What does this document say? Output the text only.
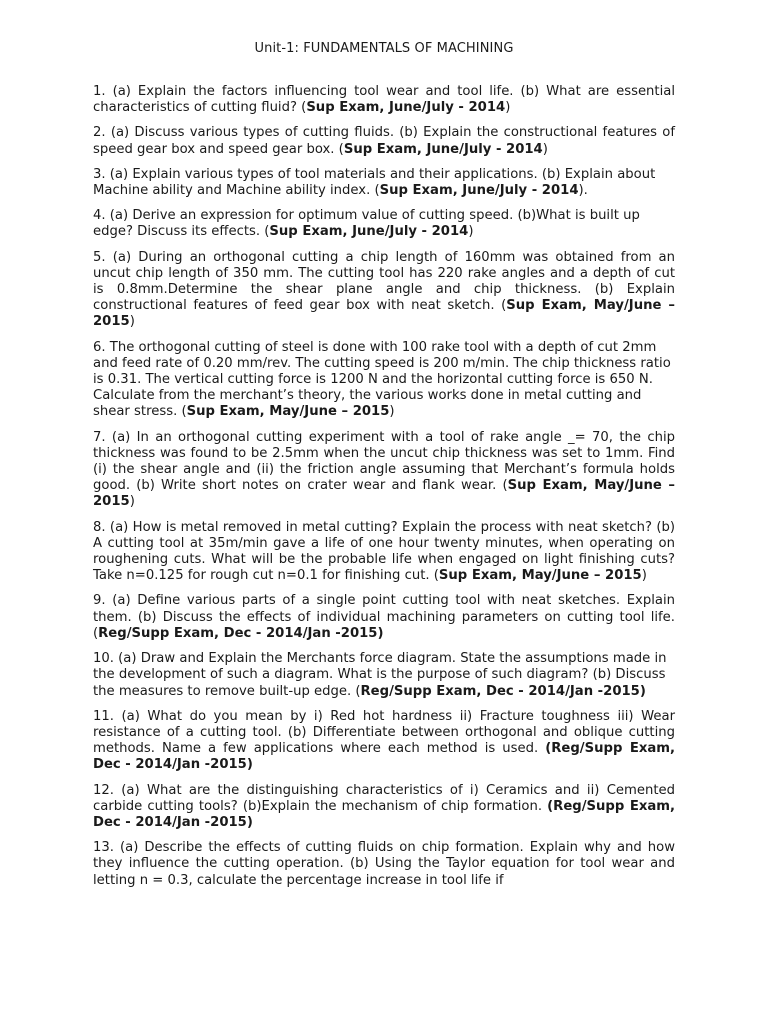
Unit-1: FUNDAMENTALS OF MACHINING
1. (a) Explain the factors influencing tool wear and tool life. (b) What are essential characteristics of cutting fluid? (Sup Exam, June/July - 2014)
2. (a) Discuss various types of cutting fluids. (b) Explain the constructional features of speed gear box and speed gear box. (Sup Exam, June/July - 2014)
3. (a) Explain various types of tool materials and their applications. (b) Explain about Machine ability and Machine ability index. (Sup Exam, June/July - 2014).
4. (a) Derive an expression for optimum value of cutting speed. (b)What is built up edge? Discuss its effects. (Sup Exam, June/July - 2014)
5. (a) During an orthogonal cutting a chip length of 160mm was obtained from an uncut chip length of 350 mm. The cutting tool has 220 rake angles and a depth of cut is 0.8mm.Determine the shear plane angle and chip thickness. (b) Explain constructional features of feed gear box with neat sketch. (Sup Exam, May/June – 2015)
6. The orthogonal cutting of steel is done with 100 rake tool with a depth of cut 2mm and feed rate of 0.20 mm/rev. The cutting speed is 200 m/min. The chip thickness ratio is 0.31. The vertical cutting force is 1200 N and the horizontal cutting force is 650 N. Calculate from the merchant’s theory, the various works done in metal cutting and shear stress. (Sup Exam, May/June – 2015)
7. (a) In an orthogonal cutting experiment with a tool of rake angle _= 70, the chip thickness was found to be 2.5mm when the uncut chip thickness was set to 1mm. Find (i) the shear angle and (ii) the friction angle assuming that Merchant’s formula holds good. (b) Write short notes on crater wear and flank wear. (Sup Exam, May/June – 2015)
8. (a) How is metal removed in metal cutting? Explain the process with neat sketch? (b) A cutting tool at 35m/min gave a life of one hour twenty minutes, when operating on roughening cuts. What will be the probable life when engaged on light finishing cuts? Take n=0.125 for rough cut n=0.1 for finishing cut. (Sup Exam, May/June – 2015)
9. (a) Define various parts of a single point cutting tool with neat sketches. Explain them. (b) Discuss the effects of individual machining parameters on cutting tool life. (Reg/Supp Exam, Dec - 2014/Jan -2015)
10. (a) Draw and Explain the Merchants force diagram. State the assumptions made in the development of such a diagram. What is the purpose of such diagram? (b) Discuss the measures to remove built-up edge. (Reg/Supp Exam, Dec - 2014/Jan -2015)
11. (a) What do you mean by i) Red hot hardness ii) Fracture toughness iii) Wear resistance of a cutting tool. (b) Differentiate between orthogonal and oblique cutting methods. Name a few applications where each method is used. (Reg/Supp Exam, Dec - 2014/Jan -2015)
12. (a) What are the distinguishing characteristics of i) Ceramics and ii) Cemented carbide cutting tools? (b)Explain the mechanism of chip formation. (Reg/Supp Exam, Dec - 2014/Jan -2015)
13. (a) Describe the effects of cutting fluids on chip formation. Explain why and how they influence the cutting operation. (b) Using the Taylor equation for tool wear and letting n = 0.3, calculate the percentage increase in tool life if
